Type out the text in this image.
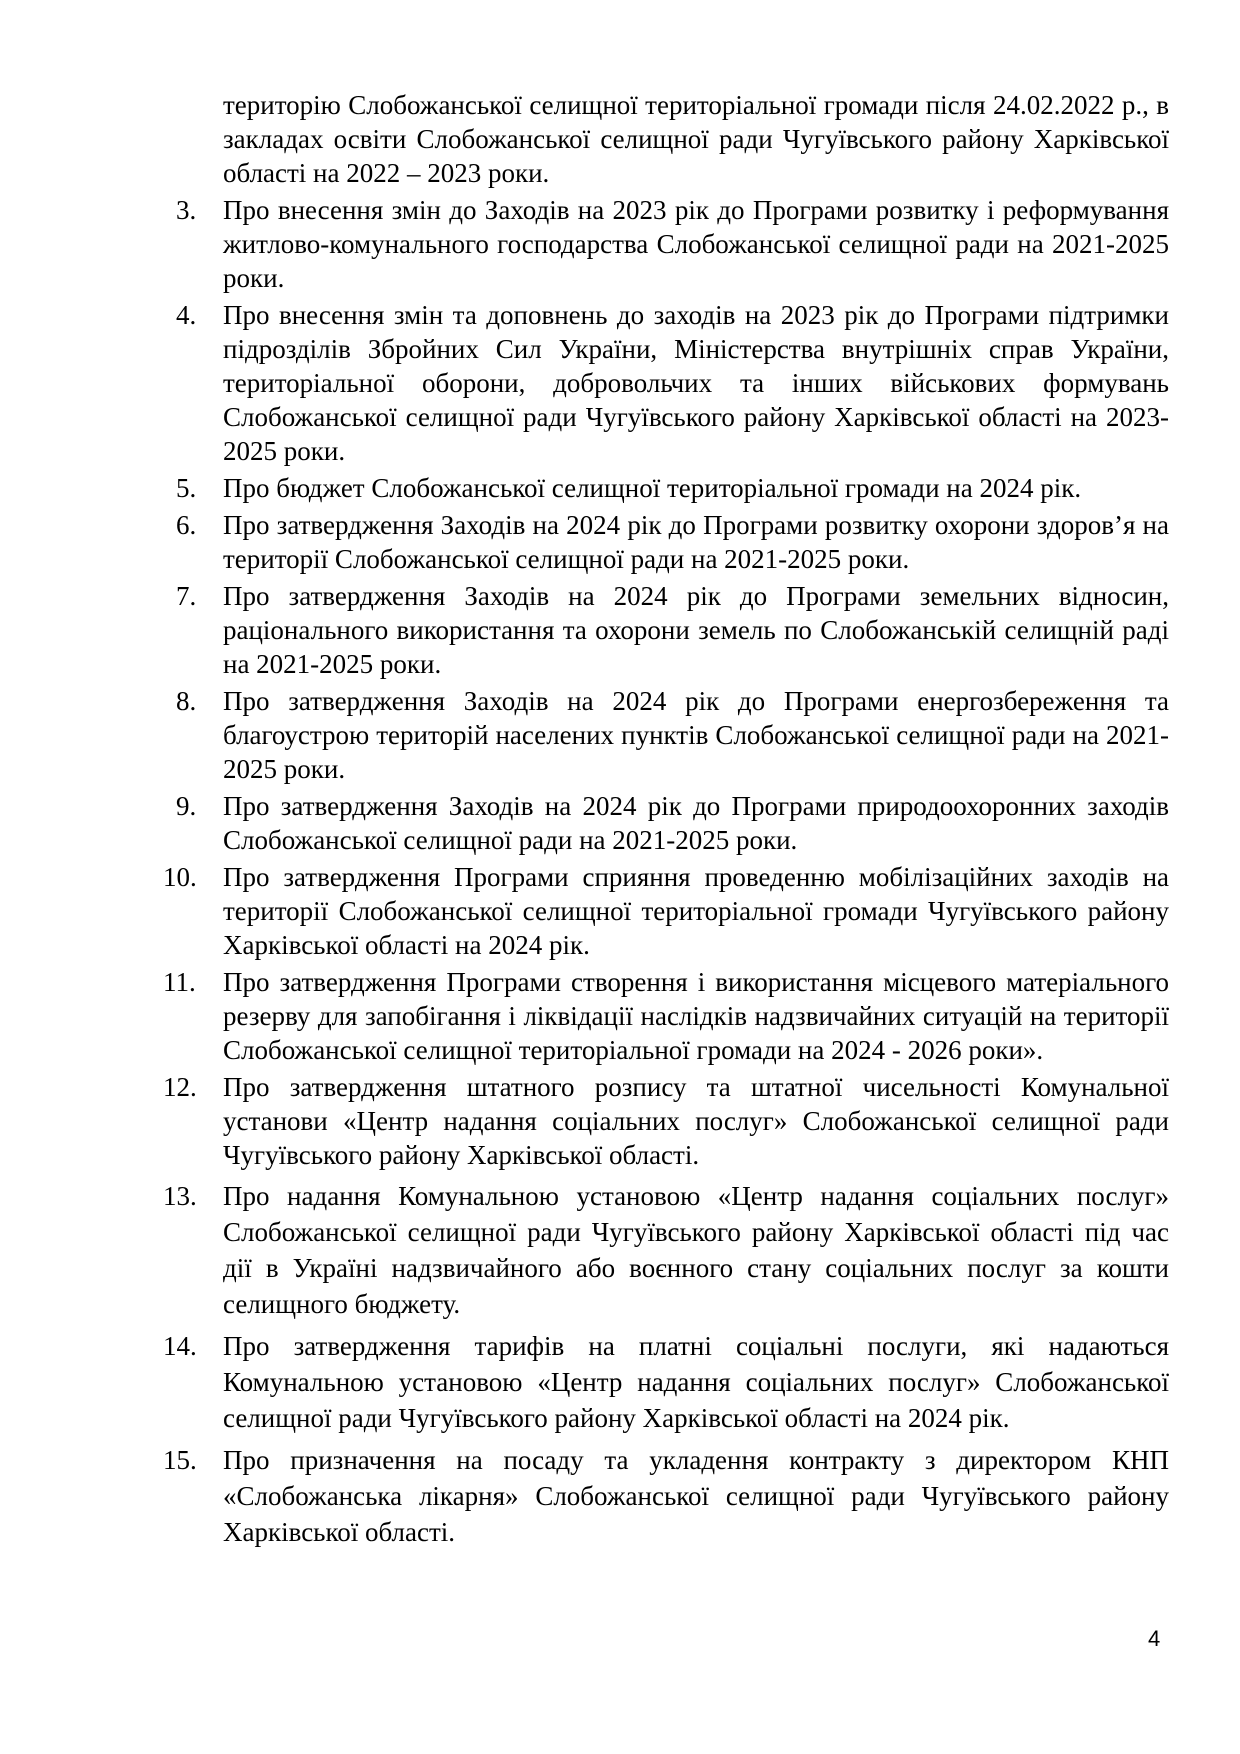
територію Слобожанської селищної територіальної громади після 24.02.2022 р., в закладах освіти Слобожанської селищної ради Чугуївського району Харківської області на 2022 – 2023 роки.
3. Про внесення змін до Заходів на 2023 рік до Програми розвитку і реформування житлово-комунального господарства Слобожанської селищної ради на 2021-2025 роки.
4. Про внесення змін та доповнень до заходів на 2023 рік до Програми підтримки підрозділів Збройних Сил України, Міністерства внутрішніх справ України, територіальної оборони, добровольчих та інших військових формувань Слобожанської селищної ради Чугуївського району Харківської області на 2023-2025 роки.
5. Про бюджет Слобожанської селищної територіальної громади на 2024 рік.
6. Про затвердження Заходів на 2024 рік до Програми розвитку охорони здоров’я на території Слобожанської селищної ради на 2021-2025 роки.
7. Про затвердження Заходів на 2024 рік до Програми земельних відносин, раціонального використання та охорони земель по Слобожанській селищній раді на 2021-2025 роки.
8. Про затвердження Заходів на 2024 рік до Програми енергозбереження та благоустрою територій населених пунктів Слобожанської селищної ради на 2021-2025 роки.
9. Про затвердження Заходів на 2024 рік до Програми природоохоронних заходів Слобожанської селищної ради на 2021-2025 роки.
10. Про затвердження Програми сприяння проведенню мобілізаційних заходів на території Слобожанської селищної територіальної громади Чугуївського району Харківської області на 2024 рік.
11. Про затвердження Програми створення і використання місцевого матеріального резерву для запобігання і ліквідації наслідків надзвичайних ситуацій на території Слобожанської селищної територіальної громади на 2024 - 2026 роки».
12. Про затвердження штатного розпису та штатної чисельності Комунальної установи «Центр надання соціальних послуг» Слобожанської селищної ради Чугуївського району Харківської області.
13. Про надання Комунальною установою «Центр надання соціальних послуг» Слобожанської селищної ради Чугуївського району Харківської області під час дії в Україні надзвичайного або воєнного стану соціальних послуг за кошти селищного бюджету.
14. Про затвердження тарифів на платні соціальні послуги, які надаються Комунальною установою «Центр надання соціальних послуг» Слобожанської селищної ради Чугуївського району Харківської області на 2024 рік.
15. Про призначення на посаду та укладення контракту з директором КНП «Слобожанська лікарня» Слобожанської селищної ради Чугуївського району Харківської області.
4
